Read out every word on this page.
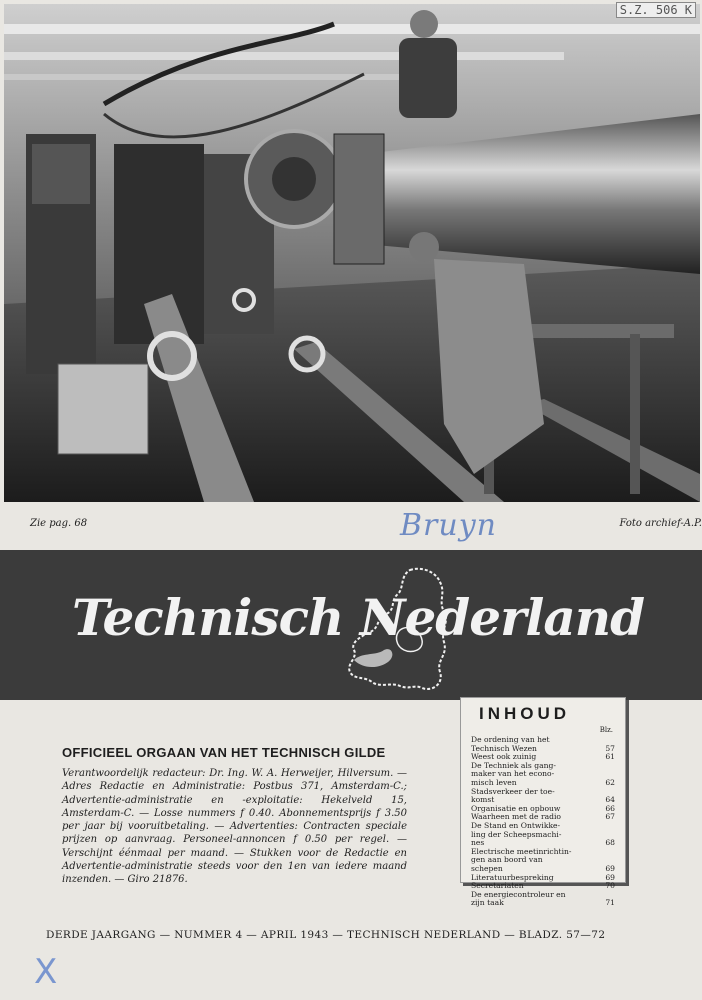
S.Z. 506 K
Zie pag. 68	Foto archief-A.P.
Bruyn
Technisch Nederland
OFFICIEEL ORGAAN VAN HET TECHNISCH GILDE

Verantwoordelijk redacteur: Dr. Ing. W. A. Herweijer, Hilversum. — Adres Redactie en Administratie: Postbus 371, Amsterdam-C.; Advertentie-administratie en -exploitatie: Hekelveld 15, Amsterdam-C. — Losse nummers f 0.40. Abonnementsprijs f 3.50 per jaar bij vooruitbetaling. — Advertenties: Contracten speciale prijzen op aanvraag. Personeel-annoncen f 0.50 per regel. — Verschijnt éénmaal per maand. — Stukken voor de Redactie en Advertentie-administratie steeds voor den 1en van iedere maand inzenden. — Giro 21876.

INHOUD
Blz.
De ordening van het
Technisch Wezen	57
Weest ook zuinig	61
De Techniek als gang-
maker van het econo-
misch leven	62
Stadsverkeer der toe-
komst	64
Organisatie en opbouw	66
Waarheen met de radio	67
De Stand en Ontwikke-
ling der Scheepsmachi-
nes	68
Electrische meetinrichtin-
gen aan boord van
schepen	69
Literatuurbespreking	69
Secretariaten	70
De energiecontroleur en
zijn taak	71
DERDE JAARGANG — NUMMER 4 — APRIL 1943 — TECHNISCH NEDERLAND — BLADZ. 57—72
X
